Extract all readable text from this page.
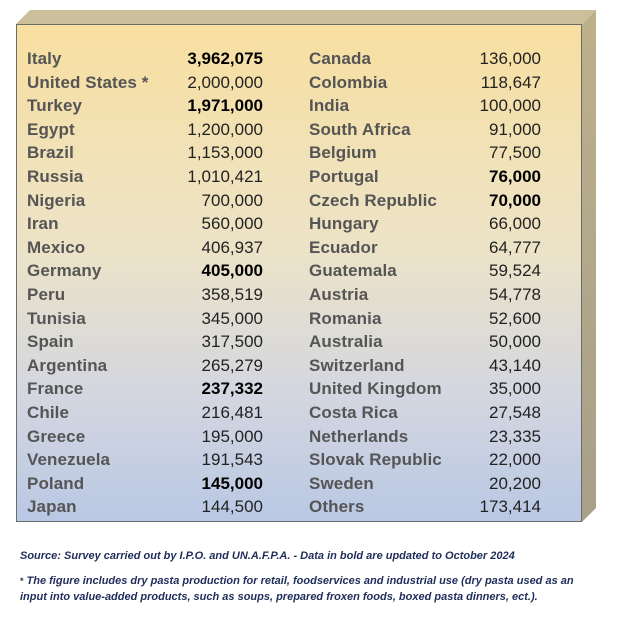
Italy	3,962,075
United States * 2,000,000
Turkey	1,971,000
Egypt	1,200,000
Brazil	1,153,000
Russia	1,010,421
Nigeria	700,000
Iran	560,000
Mexico	406,937
Germany	405,000
Peru	358,519
Tunisia	345,000
Spain	317,500
Argentina	265,279
France	237,332
Chile	216,481
Greece	195,000
Venezuela	191,543
Poland	145,000
Japan	144,500
Canada	136,000
Colombia	118,647
India	100,000
South Africa	91,000
Belgium	77,500
Portugal	76,000
Czech Republic	70,000
Hungary	66,000
Ecuador	64,777
Guatemala	59,524
Austria	54,778
Romania	52,600
Australia	50,000
Switzerland	43,140
United Kingdom	35,000
Costa Rica	27,548
Netherlands	23,335
Slovak Republic	22,000
Sweden	20,200
Others	173,414
Source: Survey carried out by I.P.O. and UN.A.F.P.A. - Data in bold are updated to October 2024
* The figure includes dry pasta production for retail, foodservices and industrial use (dry pasta used as an input into value-added products, such as soups, prepared froxen foods, boxed pasta dinners, ect.).
